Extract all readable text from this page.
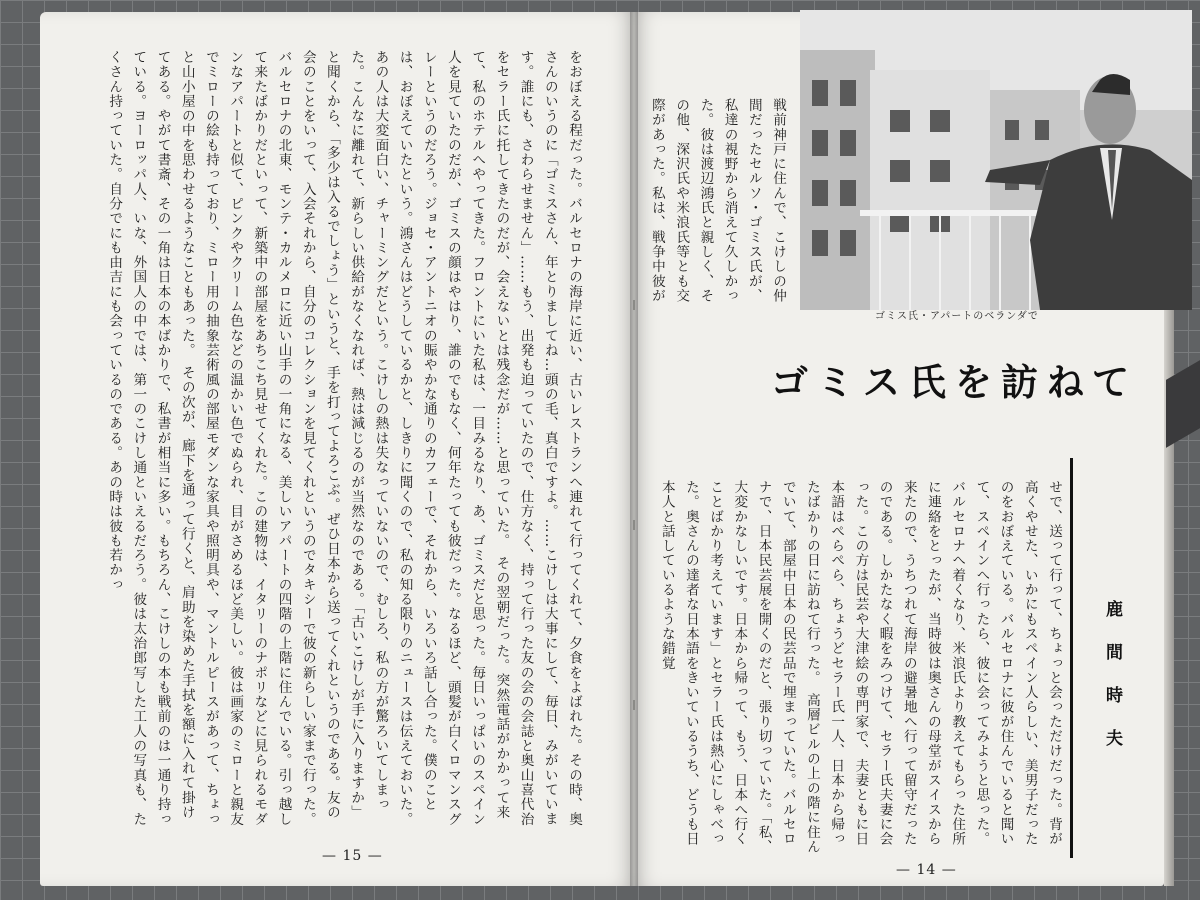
をおぼえる程だった。バルセロナの海岸に近い、古いレストランへ連れて行ってくれて、夕食をよばれた。その時、奥さんのいうのに「ゴミスさん、年とりましてね…頭の毛、真白ですよ。……こけしは大事にして、毎日、みがいています。誰にも、さわらせません」……もう、出発も迫っていたので、仕方なく、持って行った友の会の会誌と奥山喜代治をセラー氏に托してきたのだが、会えないとは残念だが……と思っていた。　その翌朝だった。突然電話がかかって来て、私のホテルへやってきた。フロントにいた私は、一目みるなり、あ、ゴミスだと思った。毎日いっぱいのスペイン人を見ていたのだが、ゴミスの顔はやはり、誰のでもなく、何年たっても彼だった。なるほど、頭髪が白くロマンスグレーというのだろう。ジョセ・アントニオの賑やかな通りのカフェーで、それから、いろいろ話し合った。僕のことは、おぼえていたという。鴻さんはどうしているかと、しきりに聞くので、私の知る限りのニュースは伝えておいた。あの人は大変面白い、チャーミングだという。こけしの熱は失なっていないので、むしろ、私の方が驚ろいてしまった。こんなに離れて、新らしい供給がなくなれば、熱は減じるのが当然なのである。「古いこけしが手に入りますか」と聞くから、「多少は入るでしょう」というと、手を打ってよろこぶ。ぜひ日本から送ってくれというのである。友の会のことをいって、入会それから、自分のコレクションを見てくれというのでタキシーで彼の新らしい家まで行った。バルセロナの北東、モンテ・カルメロに近い山手の一角になる、美しいアパートの四階の上階に住んでいる。引っ越して来たばかりだといって、新築中の部屋をあちこち見せてくれた。この建物は、イタリーのナポリなどに見られるモダンなアパートと似て、ピンクやクリーム色などの温かい色でぬられ、目がさめるほど美しい。彼は画家のミローと親友でミローの絵も持っており、ミロー用の抽象芸術風の部屋モダンな家具や照明具や、マントルピースがあって、ちょっと山小屋の中を思わせるようなこともあった。　その次が、廊下を通って行くと、肩助を染めた手拭を額に入れて掛けてある。やがて書斎、その一角は日本の本ばかりで、私書が相当に多い。もちろん、こけしの本も戦前のは一通り持っている。ヨーロッパ人、いな、外国人の中では、第一のこけし通といえるだろう。彼は太治郎写した工人の写真も、たくさん持っていた。自分でにも由吉にも会っているのである。あの時は彼も若かっ
— 15 —
戦前神戸に住んで、こけしの仲間だったセルソ・ゴミス氏が、私達の視野から消えて久しかった。彼は渡辺鴻氏と親しく、その他、深沢氏や米浪氏等とも交際があった。私は、戦争中彼が
せで、送って行って、ちょっと会っただけだった。背が高くやせた、いかにもスペイン人らしい、美男子だったのをおぼえている。バルセロナに彼が住んでいると聞いて、スペインへ行ったら、彼に会ってみようと思った。　バルセロナへ着くなり、米浪氏より教えてもらった住所に連絡をとったが、当時彼は奥さんの母堂がスイスから来たので、うちつれて海岸の避暑地へ行って留守だったのである。しかたなく暇をみつけて、セラー氏夫妻に会った。この方は民芸や大津絵の専門家で、夫妻ともに日本語はぺらぺら、ちょうどセラー氏一人、日本から帰ったばかりの日に訪ねて行った。　高層ビルの上の階に住んでいて、部屋中日本の民芸品で埋まっていた。バルセロナで、日本民芸展を開くのだと、張り切っていた。「私、大変かなしいです。日本から帰って、もう、日本へ行くことばかり考えています」とセラー氏は熱心にしゃべった。奥さんの達者な日本語をきいているうち、どうも日本人と話しているような錯覚
— 14 —
ゴミス氏・アパートのベランダで
ゴミス氏を訪ねて
鹿間時夫
